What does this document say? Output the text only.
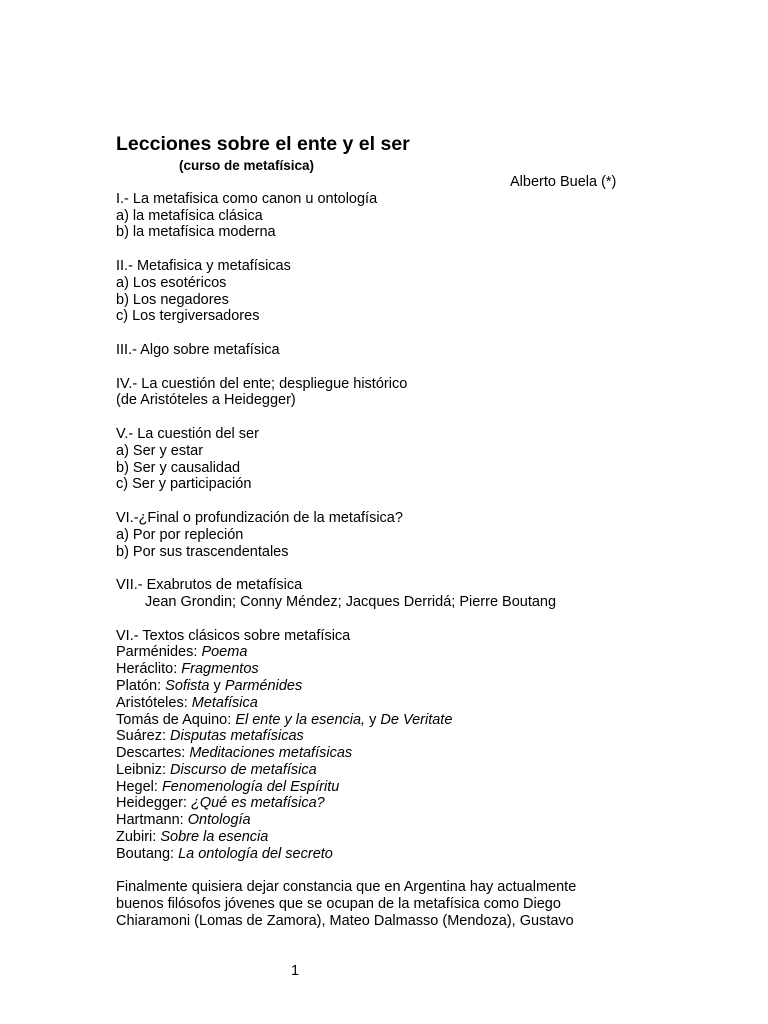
Lecciones sobre el ente y el ser
(curso de metafísica)
Alberto Buela (*)
I.- La metafisica como canon u ontología
a) la metafísica clásica
b) la metafísica moderna
II.- Metafisica y metafísicas
a) Los esotéricos
b) Los negadores
c) Los tergiversadores
III.- Algo sobre metafísica
IV.- La cuestión del ente; despliegue histórico
(de Aristóteles a Heidegger)
V.- La cuestión del ser
a) Ser y estar
b) Ser y causalidad
c) Ser y participación
VI.-¿Final o profundización de la metafísica?
a) Por por repleción
b) Por sus trascendentales
VII.- Exabrutos de metafísica
Jean Grondin; Conny Méndez; Jacques Derridá; Pierre Boutang
VI.- Textos clásicos sobre metafísica
Parménides: Poema
Heráclito: Fragmentos
Platón: Sofista y Parménides
Aristóteles: Metafísica
Tomás de Aquino: El ente y la esencia, y De Veritate
Suárez: Disputas metafísicas
Descartes: Meditaciones metafísicas
Leibniz: Discurso de metafísica
Hegel: Fenomenología del Espíritu
Heidegger: ¿Qué es metafísica?
Hartmann: Ontología
Zubiri: Sobre la esencia
Boutang: La ontología del secreto
Finalmente quisiera dejar constancia que en Argentina hay actualmente
buenos filósofos jóvenes que se ocupan de la metafísica como Diego
Chiaramoni (Lomas de Zamora), Mateo Dalmasso (Mendoza), Gustavo
1
